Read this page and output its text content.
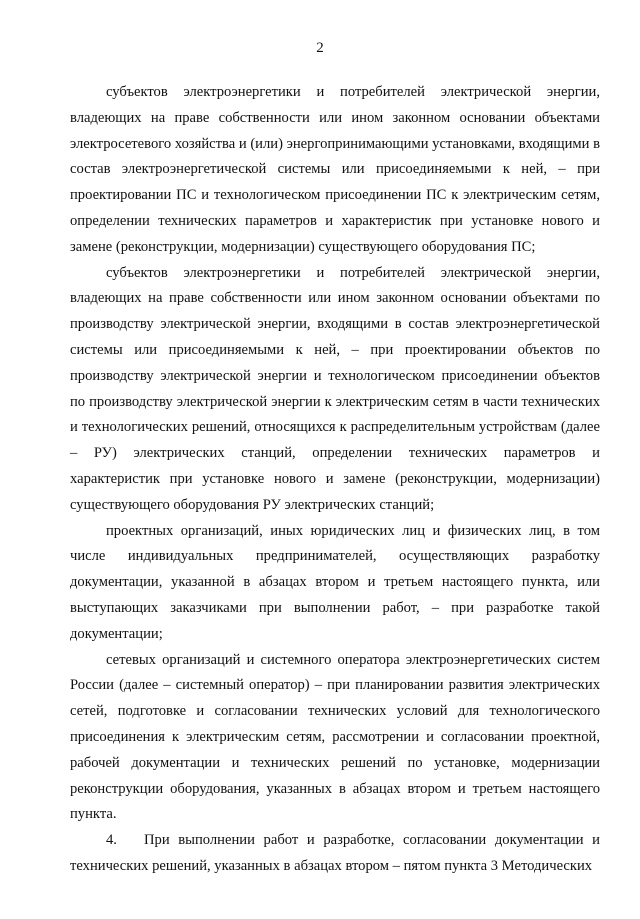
2

субъектов электроэнергетики и потребителей электрической энергии, владеющих на праве собственности или ином законном основании объектами электросетевого хозяйства и (или) энергопринимающими установками, входящими в состав электроэнергетической системы или присоединяемыми к ней, – при проектировании ПС и технологическом присоединении ПС к электрическим сетям, определении технических параметров и характеристик при установке нового и замене (реконструкции, модернизации) существующего оборудования ПС;

субъектов электроэнергетики и потребителей электрической энергии, владеющих на праве собственности или ином законном основании объектами по производству электрической энергии, входящими в состав электроэнергетической системы или присоединяемыми к ней, – при проектировании объектов по производству электрической энергии и технологическом присоединении объектов по производству электрической энергии к электрическим сетям в части технических и технологических решений, относящихся к распределительным устройствам (далее – РУ) электрических станций, определении технических параметров и характеристик при установке нового и замене (реконструкции, модернизации) существующего оборудования РУ электрических станций;

проектных организаций, иных юридических лиц и физических лиц, в том числе индивидуальных предпринимателей, осуществляющих разработку документации, указанной в абзацах втором и третьем настоящего пункта, или выступающих заказчиками при выполнении работ, – при разработке такой документации;

сетевых организаций и системного оператора электроэнергетических систем России (далее – системный оператор) – при планировании развития электрических сетей, подготовке и согласовании технических условий для технологического присоединения к электрическим сетям, рассмотрении и согласовании проектной, рабочей документации и технических решений по установке, модернизации реконструкции оборудования, указанных в абзацах втором и третьем настоящего пункта.

4. При выполнении работ и разработке, согласовании документации и технических решений, указанных в абзацах втором – пятом пункта 3 Методических
